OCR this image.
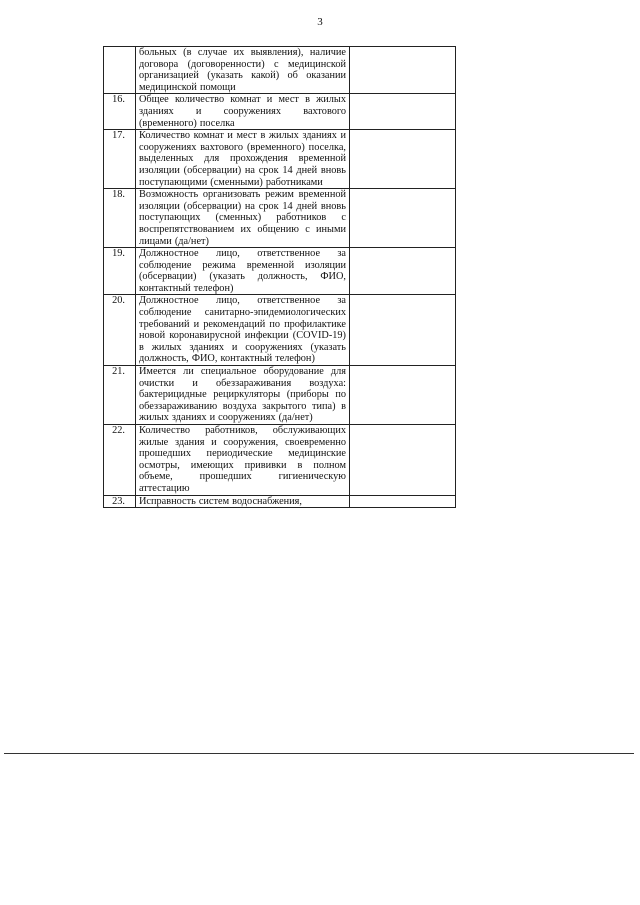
3
	больных (в случае их выявления), наличие договора (договоренности) с медицинской организацией (указать какой) об оказании медицинской помощи	
16.	Общее количество комнат и мест в жилых зданиях и сооружениях вахтового (временного) поселка	
17.	Количество комнат и мест в жилых зданиях и сооружениях вахтового (временного) поселка, выделенных для прохождения временной изоляции (обсервации) на срок 14 дней вновь поступающими (сменными) работниками	
18.	Возможность организовать режим временной изоляции (обсервации) на срок 14 дней вновь поступающих (сменных) работников с воспрепятствованием их общению с иными лицами (да/нет)	
19.	Должностное лицо, ответственное за соблюдение режима временной изоляции (обсервации) (указать должность, ФИО, контактный телефон)	
20.	Должностное лицо, ответственное за соблюдение санитарно-эпидемиологических требований и рекомендаций по профилактике новой коронавирусной инфекции (COVID-19) в жилых зданиях и сооружениях (указать должность, ФИО, контактный телефон)	
21.	Имеется ли специальное оборудование для очистки и обеззараживания воздуха: бактерицидные рециркуляторы (приборы по обеззараживанию воздуха закрытого типа) в жилых зданиях и сооружениях (да/нет)	
22.	Количество работников, обслуживающих жилые здания и сооружения, своевременно прошедших периодические медицинские осмотры, имеющих прививки в полном объеме, прошедших гигиеническую аттестацию	
23.	Исправность систем водоснабжения,	
